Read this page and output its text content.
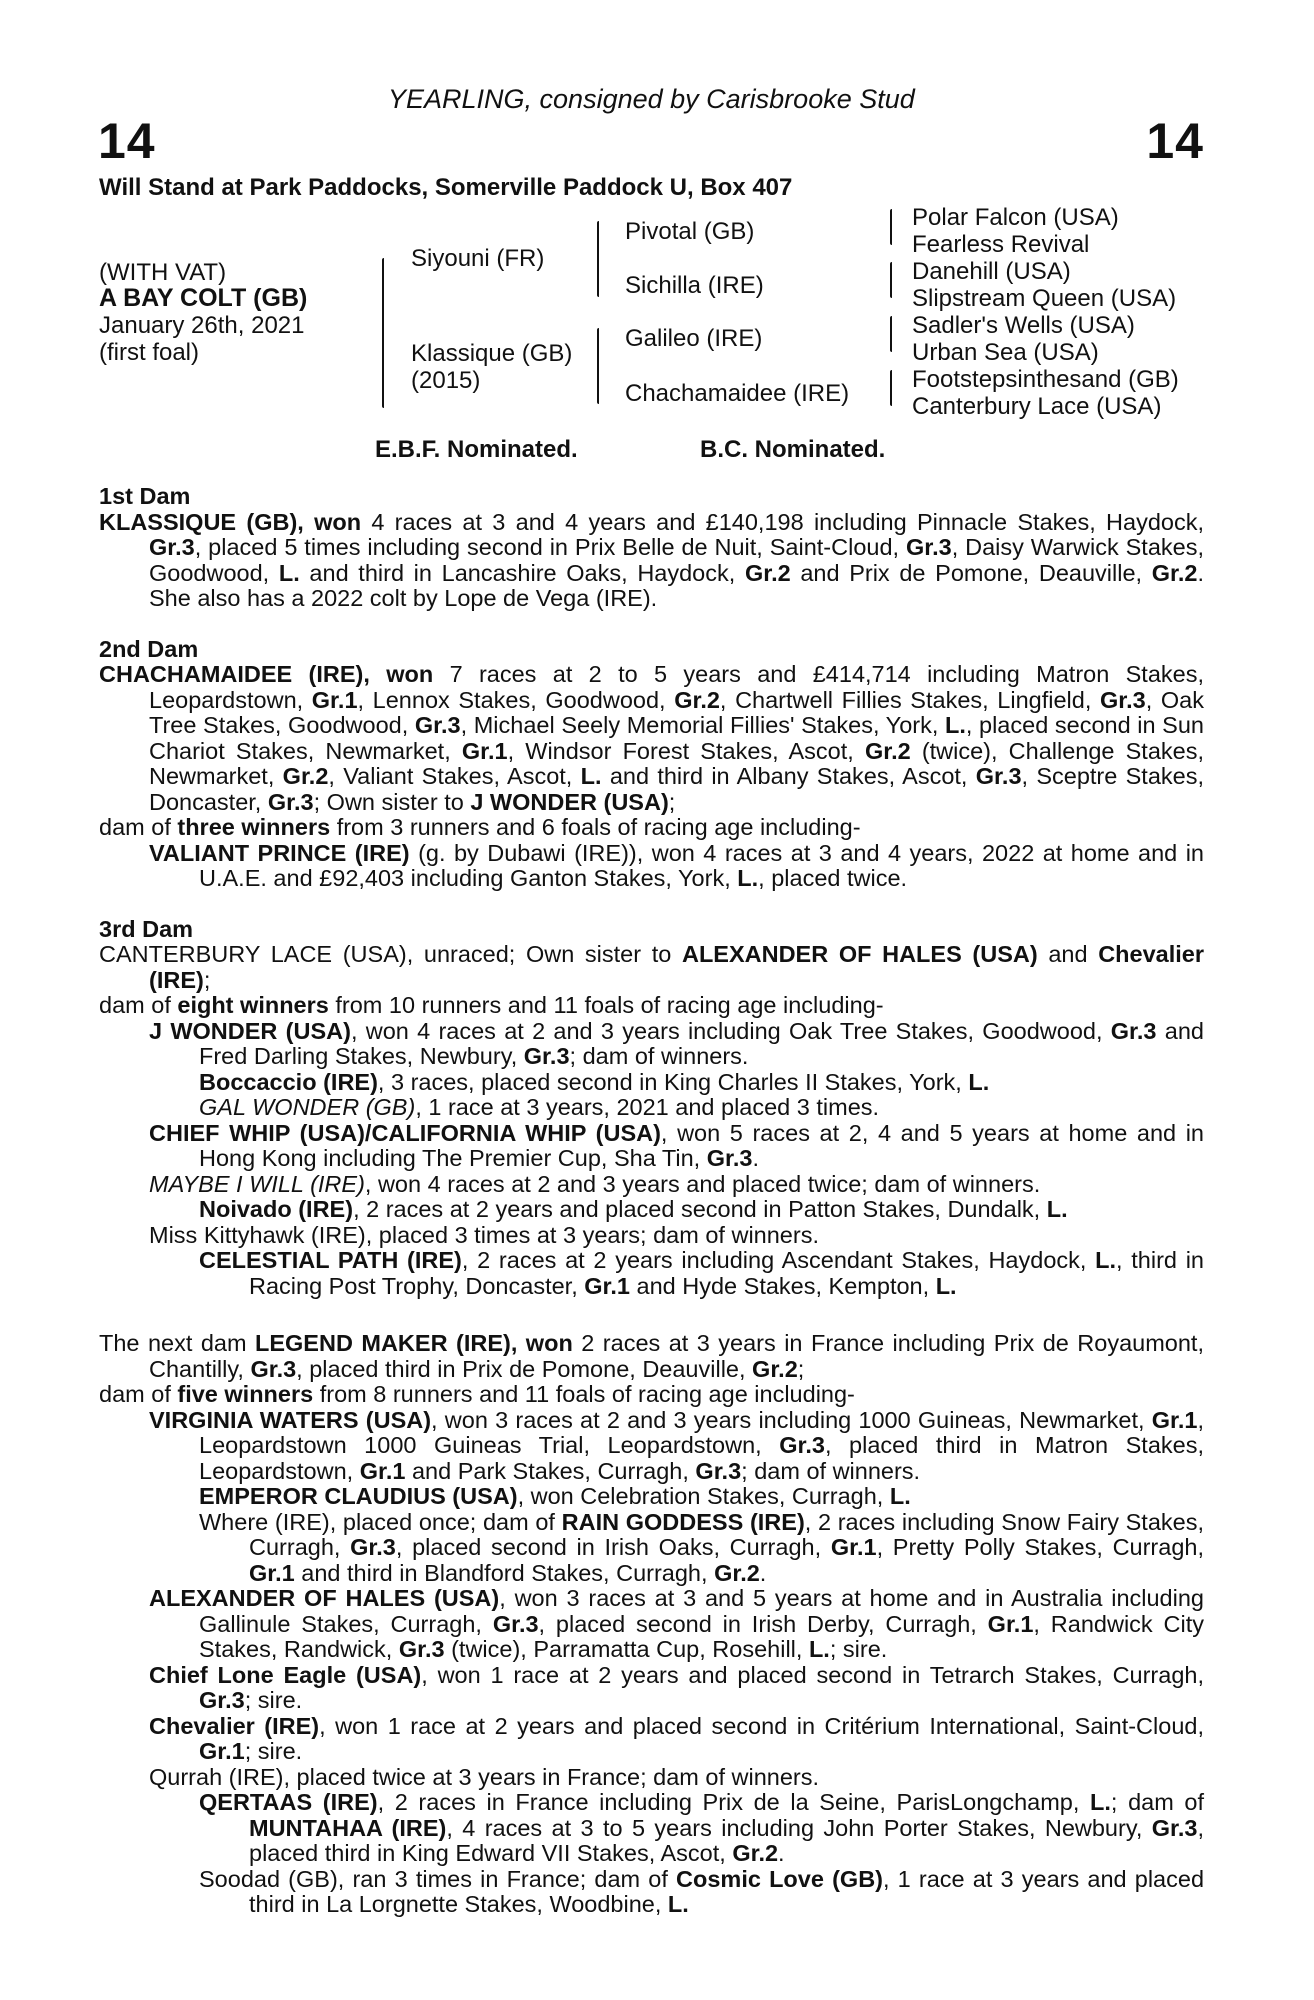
YEARLING, consigned by Carisbrooke Stud
14	14
Will Stand at Park Paddocks, Somerville Paddock U, Box 407
(WITH VAT)
A BAY COLT (GB)
January 26th, 2021
(first foal)
Siyouni (FR)
Klassique (GB)
(2015)
Pivotal (GB)
Sichilla (IRE)
Galileo (IRE)
Chachamaidee (IRE)
Polar Falcon (USA)
Fearless Revival
Danehill (USA)
Slipstream Queen (USA)
Sadler's Wells (USA)
Urban Sea (USA)
Footstepsinthesand (GB)
Canterbury Lace (USA)
E.B.F. Nominated.	B.C. Nominated.
1st Dam
KLASSIQUE (GB), won 4 races at 3 and 4 years and £140,198 including Pinnacle Stakes, Haydock, Gr.3, placed 5 times including second in Prix Belle de Nuit, Saint-Cloud, Gr.3, Daisy Warwick Stakes, Goodwood, L. and third in Lancashire Oaks, Haydock, Gr.2 and Prix de Pomone, Deauville, Gr.2. She also has a 2022 colt by Lope de Vega (IRE).
2nd Dam
CHACHAMAIDEE (IRE), won 7 races at 2 to 5 years and £414,714 including Matron Stakes, Leopardstown, Gr.1, Lennox Stakes, Goodwood, Gr.2, Chartwell Fillies Stakes, Lingfield, Gr.3, Oak Tree Stakes, Goodwood, Gr.3, Michael Seely Memorial Fillies' Stakes, York, L., placed second in Sun Chariot Stakes, Newmarket, Gr.1, Windsor Forest Stakes, Ascot, Gr.2 (twice), Challenge Stakes, Newmarket, Gr.2, Valiant Stakes, Ascot, L. and third in Albany Stakes, Ascot, Gr.3, Sceptre Stakes, Doncaster, Gr.3; Own sister to J WONDER (USA);
dam of three winners from 3 runners and 6 foals of racing age including-
VALIANT PRINCE (IRE) (g. by Dubawi (IRE)), won 4 races at 3 and 4 years, 2022 at home and in U.A.E. and £92,403 including Ganton Stakes, York, L., placed twice.
3rd Dam
CANTERBURY LACE (USA), unraced; Own sister to ALEXANDER OF HALES (USA) and Chevalier (IRE);
dam of eight winners from 10 runners and 11 foals of racing age including-
J WONDER (USA), won 4 races at 2 and 3 years including Oak Tree Stakes, Goodwood, Gr.3 and Fred Darling Stakes, Newbury, Gr.3; dam of winners.
Boccaccio (IRE), 3 races, placed second in King Charles II Stakes, York, L.
GAL WONDER (GB), 1 race at 3 years, 2021 and placed 3 times.
CHIEF WHIP (USA)/CALIFORNIA WHIP (USA), won 5 races at 2, 4 and 5 years at home and in Hong Kong including The Premier Cup, Sha Tin, Gr.3.
MAYBE I WILL (IRE), won 4 races at 2 and 3 years and placed twice; dam of winners.
Noivado (IRE), 2 races at 2 years and placed second in Patton Stakes, Dundalk, L.
Miss Kittyhawk (IRE), placed 3 times at 3 years; dam of winners.
CELESTIAL PATH (IRE), 2 races at 2 years including Ascendant Stakes, Haydock, L., third in Racing Post Trophy, Doncaster, Gr.1 and Hyde Stakes, Kempton, L.
The next dam LEGEND MAKER (IRE), won 2 races at 3 years in France including Prix de Royaumont, Chantilly, Gr.3, placed third in Prix de Pomone, Deauville, Gr.2;
dam of five winners from 8 runners and 11 foals of racing age including-
VIRGINIA WATERS (USA), won 3 races at 2 and 3 years including 1000 Guineas, Newmarket, Gr.1, Leopardstown 1000 Guineas Trial, Leopardstown, Gr.3, placed third in Matron Stakes, Leopardstown, Gr.1 and Park Stakes, Curragh, Gr.3; dam of winners.
EMPEROR CLAUDIUS (USA), won Celebration Stakes, Curragh, L.
Where (IRE), placed once; dam of RAIN GODDESS (IRE), 2 races including Snow Fairy Stakes, Curragh, Gr.3, placed second in Irish Oaks, Curragh, Gr.1, Pretty Polly Stakes, Curragh, Gr.1 and third in Blandford Stakes, Curragh, Gr.2.
ALEXANDER OF HALES (USA), won 3 races at 3 and 5 years at home and in Australia including Gallinule Stakes, Curragh, Gr.3, placed second in Irish Derby, Curragh, Gr.1, Randwick City Stakes, Randwick, Gr.3 (twice), Parramatta Cup, Rosehill, L.; sire.
Chief Lone Eagle (USA), won 1 race at 2 years and placed second in Tetrarch Stakes, Curragh, Gr.3; sire.
Chevalier (IRE), won 1 race at 2 years and placed second in Critérium International, Saint-Cloud, Gr.1; sire.
Qurrah (IRE), placed twice at 3 years in France; dam of winners.
QERTAAS (IRE), 2 races in France including Prix de la Seine, ParisLongchamp, L.; dam of MUNTAHAA (IRE), 4 races at 3 to 5 years including John Porter Stakes, Newbury, Gr.3, placed third in King Edward VII Stakes, Ascot, Gr.2.
Soodad (GB), ran 3 times in France; dam of Cosmic Love (GB), 1 race at 3 years and placed third in La Lorgnette Stakes, Woodbine, L.
